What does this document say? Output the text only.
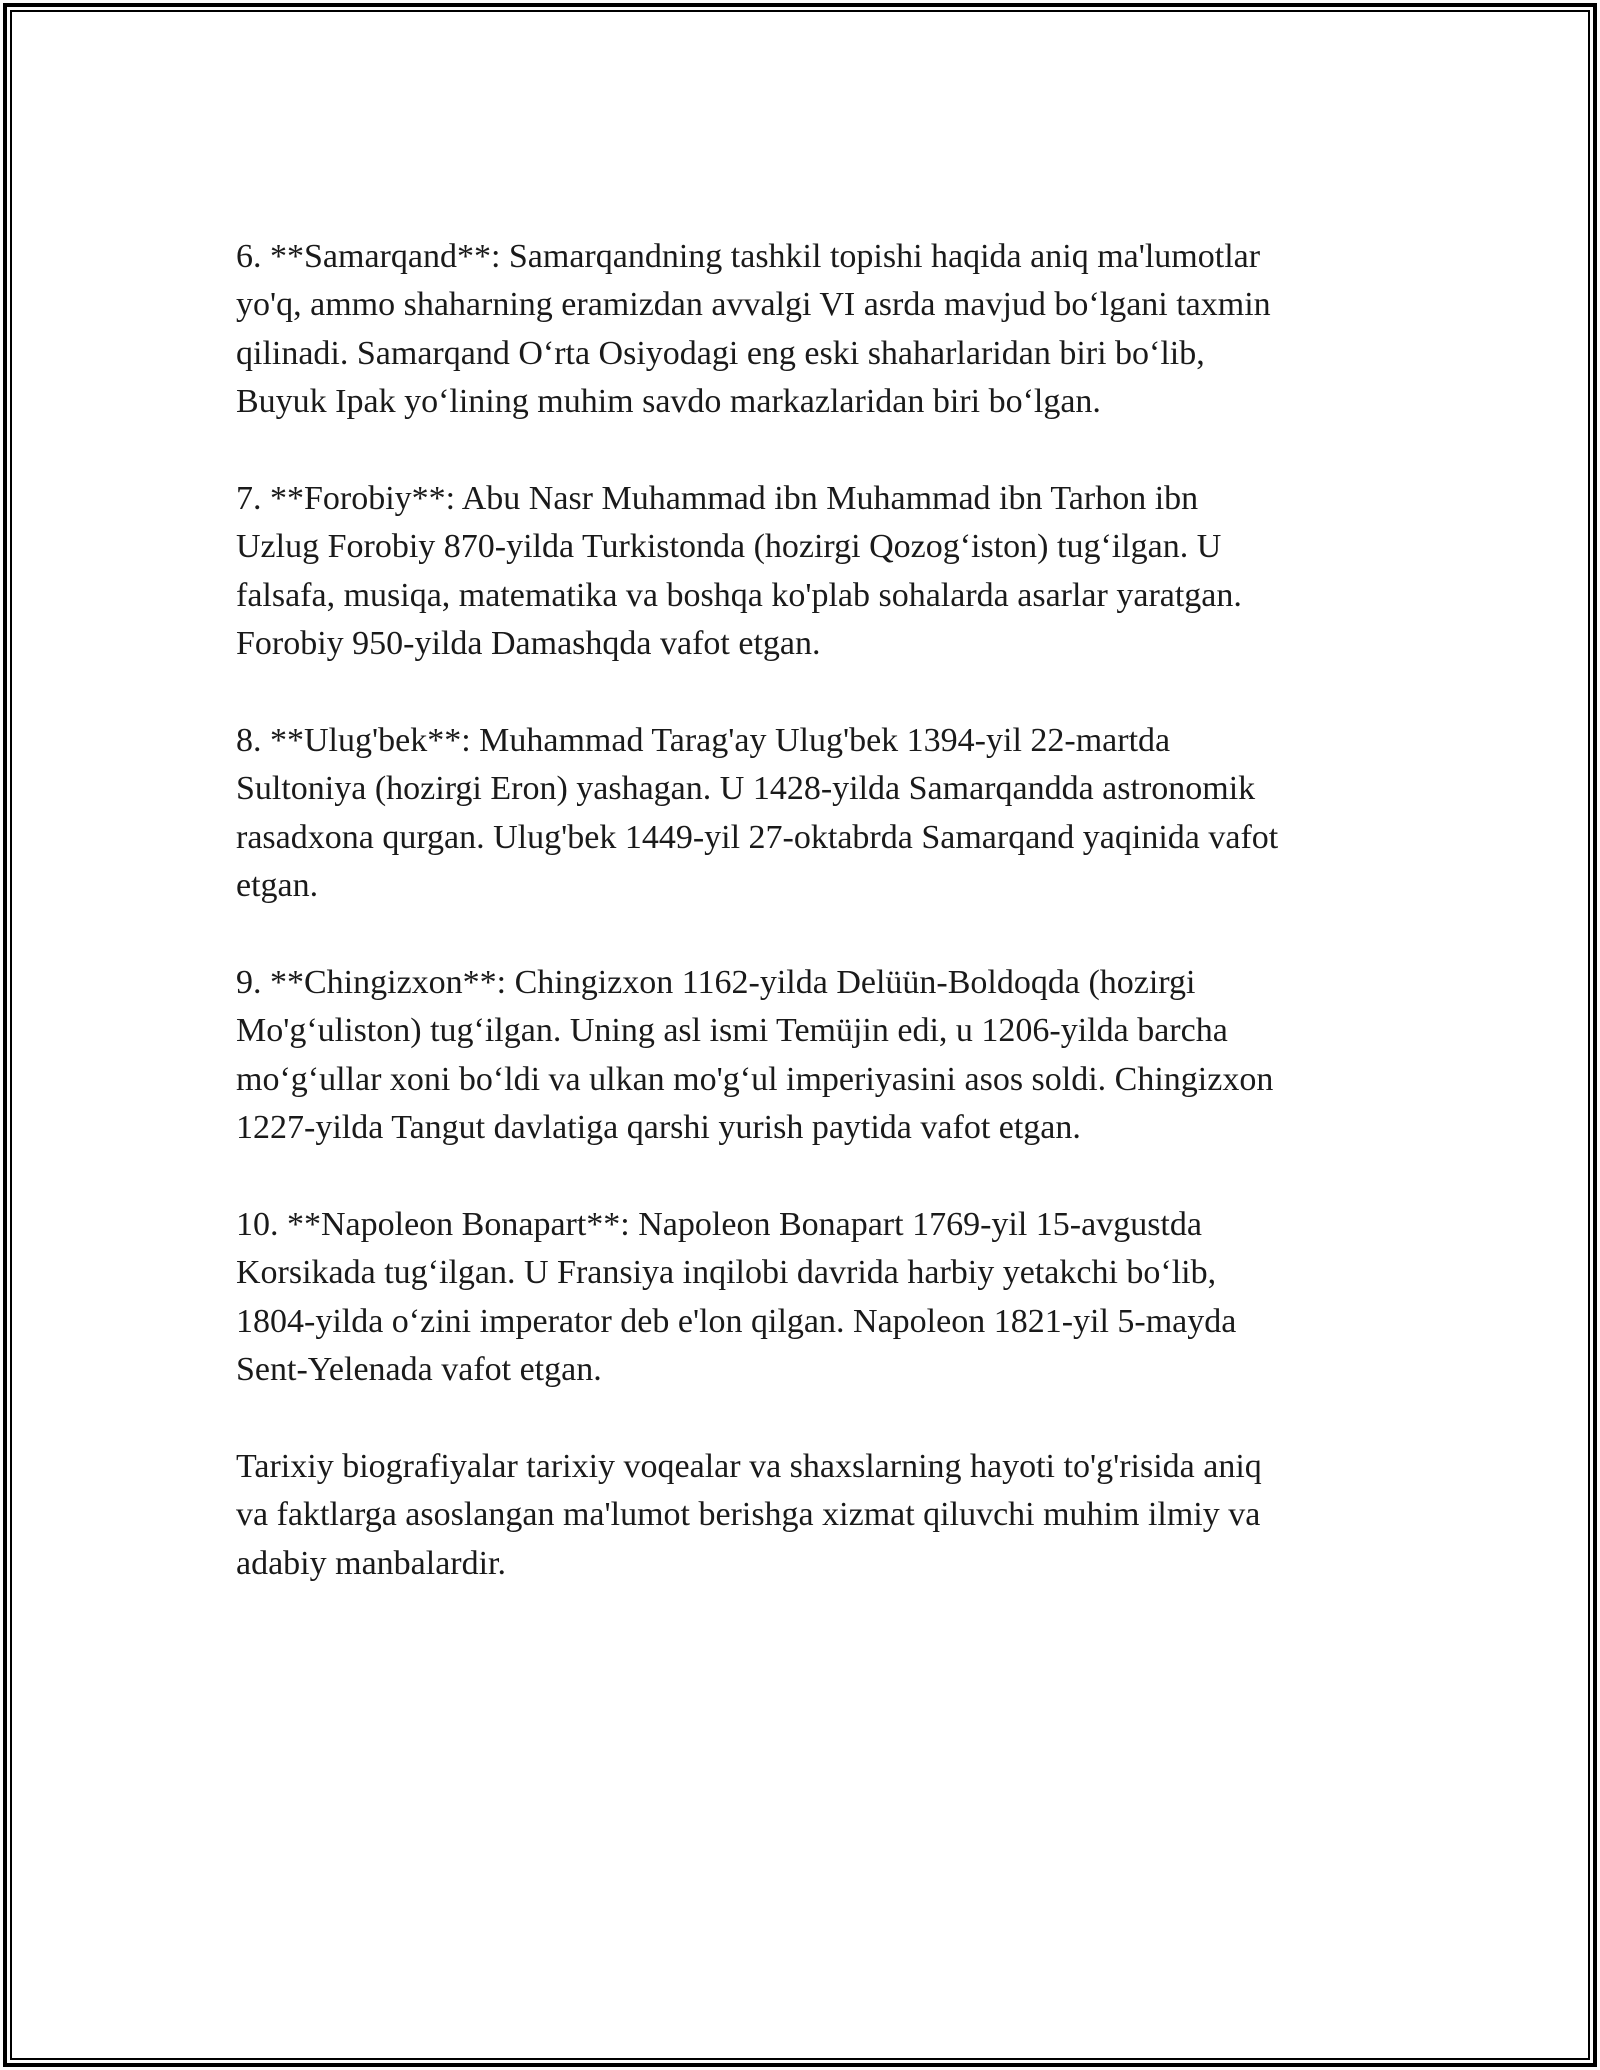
6. **Samarqand**: Samarqandning tashkil topishi haqida aniq ma'lumotlar
yo'q, ammo shaharning eramizdan avvalgi VI asrda mavjud bo‘lgani taxmin
qilinadi. Samarqand O‘rta Osiyodagi eng eski shaharlaridan biri bo‘lib,
Buyuk Ipak yo‘lining muhim savdo markazlaridan biri bo‘lgan.

7. **Forobiy**: Abu Nasr Muhammad ibn Muhammad ibn Tarhon ibn
Uzlug Forobiy 870-yilda Turkistonda (hozirgi Qozog‘iston) tug‘ilgan. U
falsafa, musiqa, matematika va boshqa ko'plab sohalarda asarlar yaratgan.
Forobiy 950-yilda Damashqda vafot etgan.

8. **Ulug'bek**: Muhammad Tarag'ay Ulug'bek 1394-yil 22-martda
Sultoniya (hozirgi Eron) yashagan. U 1428-yilda Samarqandda astronomik
rasadxona qurgan. Ulug'bek 1449-yil 27-oktabrda Samarqand yaqinida vafot
etgan.

9. **Chingizxon**: Chingizxon 1162-yilda Delüün-Boldoqda (hozirgi
Mo'g‘uliston) tug‘ilgan. Uning asl ismi Temüjin edi, u 1206-yilda barcha
mo‘g‘ullar xoni bo‘ldi va ulkan mo'g‘ul imperiyasini asos soldi. Chingizxon
1227-yilda Tangut davlatiga qarshi yurish paytida vafot etgan.

10. **Napoleon Bonapart**: Napoleon Bonapart 1769-yil 15-avgustda
Korsikada tug‘ilgan. U Fransiya inqilobi davrida harbiy yetakchi bo‘lib,
1804-yilda o‘zini imperator deb e'lon qilgan. Napoleon 1821-yil 5-mayda
Sent-Yelenada vafot etgan.

Tarixiy biografiyalar tarixiy voqealar va shaxslarning hayoti to'g'risida aniq
va faktlarga asoslangan ma'lumot berishga xizmat qiluvchi muhim ilmiy va
adabiy manbalardir.
